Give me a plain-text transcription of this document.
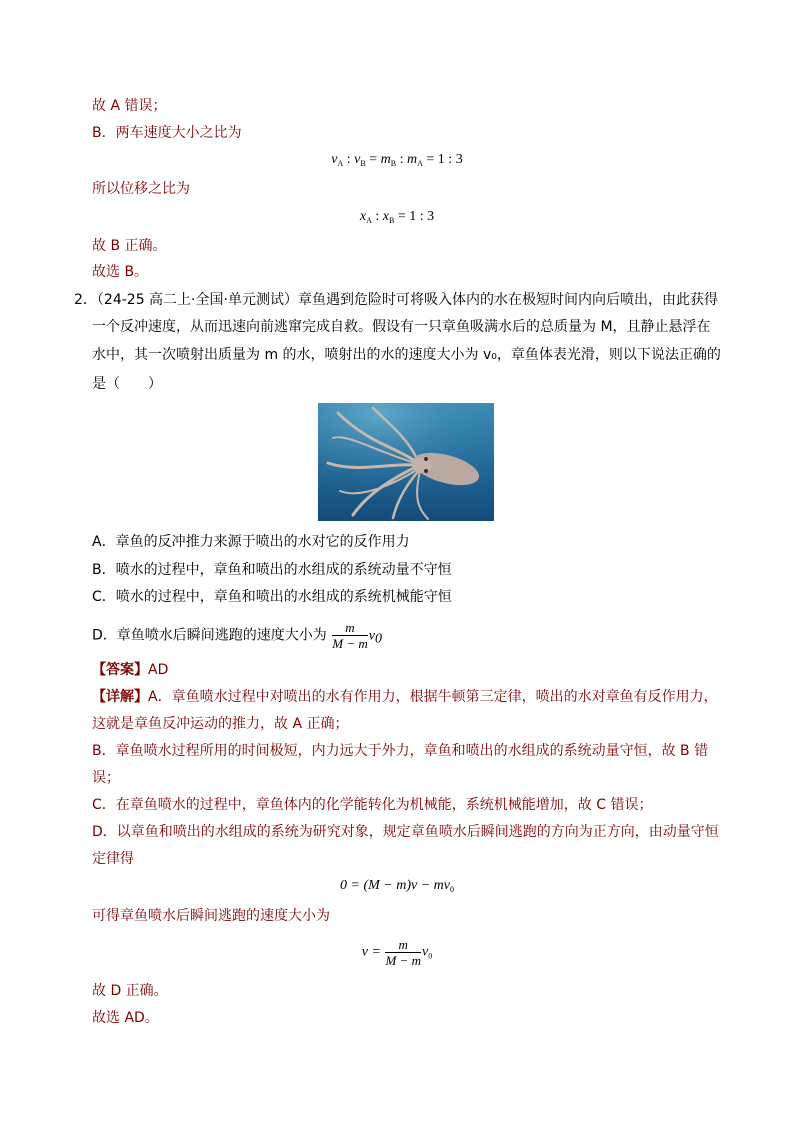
故 A 错误；
B．两车速度大小之比为
$v_A$ : $v_B = m_B$ : $m_A = 1$ : 3
所以位移之比为
$x_A$ : $x_B = 1$ : 3
故 B 正确。
故选 B。
2．（24-25 高二上·全国·单元测试）章鱼遇到危险时可将吸入体内的水在极短时间内向后喷出，由此获得
一个反冲速度，从而迅速向前逃窜完成自救。假设有一只章鱼吸满水后的总质量为 M，且静止悬浮在
水中，其一次喷射出质量为 m 的水，喷射出的水的速度大小为 v₀，章鱼体表光滑，则以下说法正确的
是（　　）
A．章鱼的反冲推力来源于喷出的水对它的反作用力
B．喷水的过程中，章鱼和喷出的水组成的系统动量不守恒
C．喷水的过程中，章鱼和喷出的水组成的系统机械能守恒
D．章鱼喷水后瞬间逃跑的速度大小为 $\frac{m}{M - m} v_0$
【答案】AD
【详解】A．章鱼喷水过程中对喷出的水有作用力，根据牛顿第三定律，喷出的水对章鱼有反作用力，
这就是章鱼反冲运动的推力，故 A 正确；
B．章鱼喷水过程所用的时间极短，内力远大于外力，章鱼和喷出的水组成的系统动量守恒，故 B 错
误；
C．在章鱼喷水的过程中，章鱼体内的化学能转化为机械能，系统机械能增加，故 C 错误；
D．以章鱼和喷出的水组成的系统为研究对象，规定章鱼喷水后瞬间逃跑的方向为正方向，由动量守恒
定律得
$0 = (M - m)v - mv_0$
可得章鱼喷水后瞬间逃跑的速度大小为
$v = \frac{m}{M - m} v_0$
故 D 正确。
故选 AD。
